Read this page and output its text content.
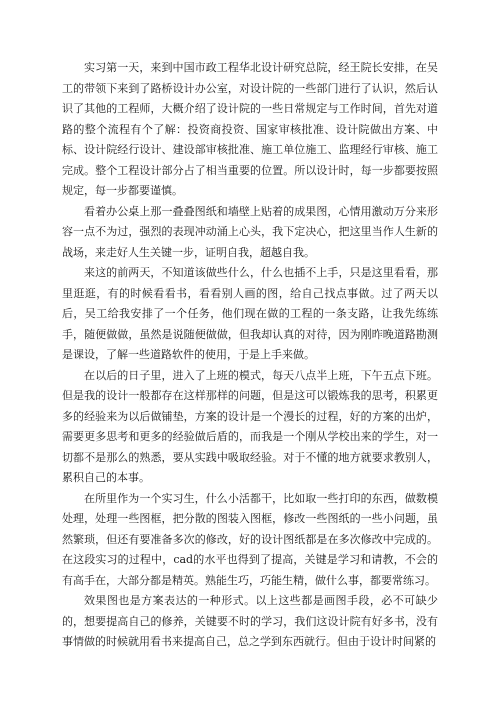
实习第一天，来到中国市政工程华北设计研究总院，经王院长安排，在吴工的带领下来到了路桥设计办公室，对设计院的一些部门进行了认识，然后认识了其他的工程师，大概介绍了设计院的一些日常规定与工作时间，首先对道路的整个流程有个了解：投资商投资、国家审核批准、设计院做出方案、中标、设计院经行设计、建设部审核批准、施工单位施工、监理经行审核、施工完成。整个工程设计部分占了相当重要的位置。所以设计时，每一步都要按照规定，每一步都要谨慎。

看着办公桌上那一叠叠图纸和墙壁上贴着的成果图，心情用激动万分来形容一点不为过，强烈的表现冲动涌上心头，我下定决心，把这里当作人生新的战场，来走好人生关键一步，证明自我，超越自我。

来这的前两天，不知道该做些什么，什么也插不上手，只是这里看看，那里逛逛，有的时候看看书，看看别人画的图，给自己找点事做。过了两天以后，吴工给我安排了一个任务，他们现在做的工程的一条支路，让我先练练手，随便做做，虽然是说随便做做，但我却认真的对待，因为刚昨晚道路勘测是课设，了解一些道路软件的使用，于是上手来做。

在以后的日子里，进入了上班的模式，每天八点半上班，下午五点下班。但是我的设计一般都存在这样那样的问题，但是这可以锻炼我的思考，积累更多的经验来为以后做铺垫，方案的设计是一个漫长的过程，好的方案的出炉，需要更多思考和更多的经验做后盾的，而我是一个刚从学校出来的学生，对一切都不是那么的熟悉，要从实践中吸取经验。对于不懂的地方就要求教别人，累积自己的本事。

在所里作为一个实习生，什么小活都干，比如取一些打印的东西，做数模处理，处理一些图框，把分散的图装入图框，修改一些图纸的一些小问题，虽然繁琐，但还有要准备多次的修改，好的设计图纸都是在多次修改中完成的。在这段实习的过程中，cad的水平也得到了提高，关键是学习和请教，不会的有高手在，大部分都是精英。熟能生巧，巧能生精，做什么事，都要常练习。

效果图也是方案表达的一种形式。以上这些都是画图手段，必不可缺少的，想要提高自己的修养，关键要不时的学习，我们这设计院有好多书，没有事情做的时候就用看书来提高自己，总之学到东西就行。但由于设计时间紧的
